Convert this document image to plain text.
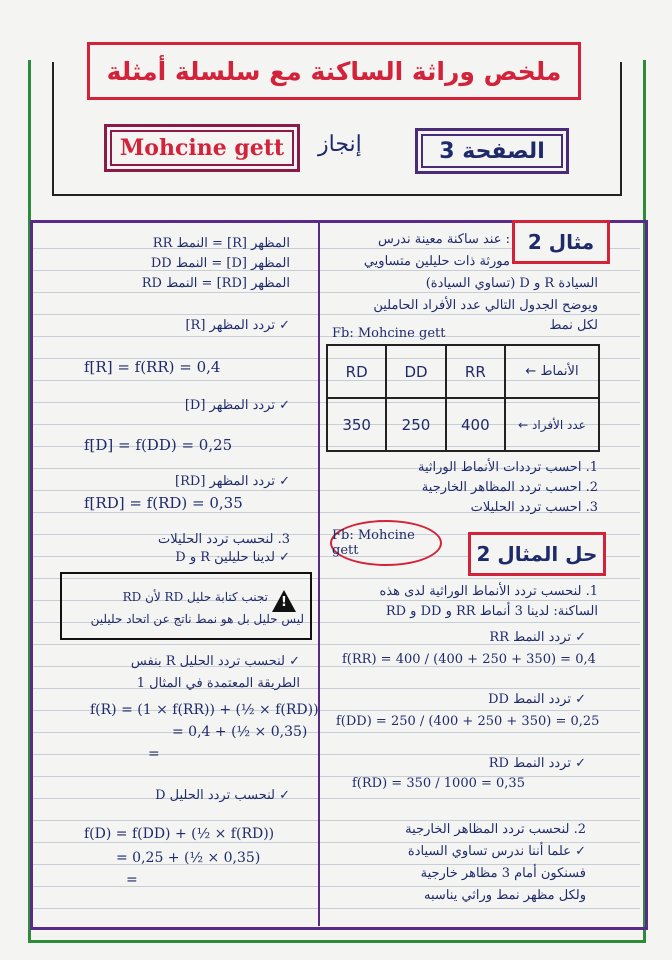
ملخص وراثة الساكنة مع سلسلة أمثلة
Mohcine gett إنجاز	الصفحة 3
مثال 2
: عند ساكنة معينة ندرس
مورثة ذات حليلين متساويي
السيادة R و D (تساوي السيادة)
ويوضح الجدول التالي عدد الأفراد الحاملين
لكل نمط
Fb: Mohcine gett
RD	DD	RR	الأنماط ←
350	250	400	عدد الأفراد ←
1. احسب ترددات الأنماط الوراثية
2. احسب تردد المظاهر الخارجية
3. احسب تردد الحليلات
Fb: Mohcine gett	حل المثال 2
1. لنحسب تردد الأنماط الوراثية لدى هذه
الساكنة: لدينا 3 أنماط RR و DD و RD
✓ تردد النمط RR
f(RR) = 400 / (400 + 250 + 350) = 0,4
✓ تردد النمط DD
f(DD) = 250 / (400 + 250 + 350) = 0,25
✓ تردد النمط RD
f(RD) = 350 / 1000 = 0,35
2. لنحسب تردد المظاهر الخارجية
✓ علما أننا ندرس تساوي السيادة
فسنكون أمام 3 مظاهر خارجية
ولكل مظهر نمط وراثي يناسبه
المظهر [R] = النمط RR
المظهر [D] = النمط DD
المظهر [RD] = النمط RD
✓ تردد المظهر [R]
f[R] = f(RR) = 0,4
✓ تردد المظهر [D]
f[D] = f(DD) = 0,25
✓ تردد المظهر [RD]
f[RD] = f(RD) = 0,35
3. لنحسب تردد الحليلات
✓ لدينا حليلين R و D
!
تجنب كتابة حليل RD لأن RD
ليس حليل بل هو نمط ناتج عن اتحاد حليلين
✓ لنحسب تردد الحليل R بنفس
الطريقة المعتمدة في المثال 1
f(R) = (1 × f(RR)) + (½ × f(RD))
= 0,4 + (½ × 0,35)
=
✓ لنحسب تردد الحليل D
f(D) = f(DD) + (½ × f(RD))
= 0,25 + (½ × 0,35)
=
